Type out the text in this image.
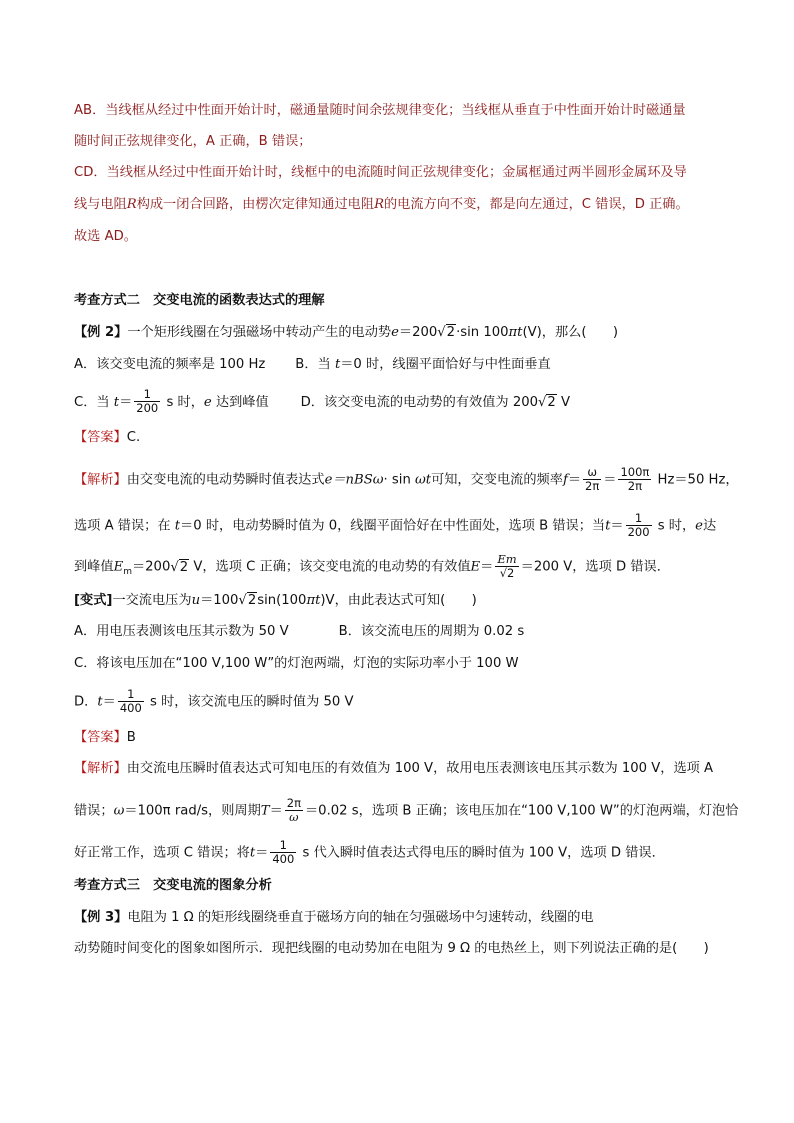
AB．当线框从经过中性面开始计时，磁通量随时间余弦规律变化；当线框从垂直于中性面开始计时磁通量
随时间正弦规律变化，A 正确，B 错误；
CD．当线框从经过中性面开始计时，线框中的电流随时间正弦规律变化；金属框通过两半圆形金属环及导
线与电阻R构成一闭合回路，由楞次定律知通过电阻R的电流方向不变，都是向左通过，C 错误，D 正确。
故选 AD。
考查方式二　交变电流的函数表达式的理解
【例 2】一个矩形线圈在匀强磁场中转动产生的电动势e＝200√2·sin 100πt(V)，那么(　　)
A．该交变电流的频率是 100 Hz B．当 t＝0 时，线圈平面恰好与中性面垂直
C．当 $t= \frac{1}{200}$ s 时，e 达到峰值 D．该交变电流的电动势的有效值为 200√2 V
【答案】C.
【解析】由交变电流的电动势瞬时值表达式e＝nBSω· sin ωt可知，交变电流的频率$f= \frac{\omega}{2\pi} = \frac{100\pi}{2\pi} Hz=50$ Hz，
选项 A 错误；在 t＝0 时，电动势瞬时值为 0，线圈平面恰好在中性面处，选项 B 错误；当$t= \frac{1}{200}$ s 时，e达
到峰值$E_m=200√2$ V，选项 C 正确；该交变电流的电动势的有效值$E= \frac{Em}{√2} =200$ V，选项 D 错误．
[变式]一交流电压为u＝100√2sin(100πt)V，由此表达式可知(　　)
A．用电压表测该电压其示数为 50 V	B．该交流电压的周期为 0.02 s
C．将该电压加在“100 V,100 W”的灯泡两端，灯泡的实际功率小于 100 W
D．$t= \frac{1}{400}$ s 时，该交流电压的瞬时值为 50 V
【答案】B
【解析】由交流电压瞬时值表达式可知电压的有效值为 100 V，故用电压表测该电压其示数为 100 V，选项 A
错误；ω＝100π rad/s，则周期$T= \frac{2\pi}{\omega} =0.02$ s，选项 B 正确；该电压加在“100 V,100 W”的灯泡两端，灯泡恰
好正常工作，选项 C 错误；将$t= \frac{1}{400}$ s 代入瞬时值表达式得电压的瞬时值为 100 V，选项 D 错误．
考查方式三　交变电流的图象分析
【例 3】电阻为 1 Ω 的矩形线圈绕垂直于磁场方向的轴在匀强磁场中匀速转动，线圈的电
动势随时间变化的图象如图所示．现把线圈的电动势加在电阻为 9 Ω 的电热丝上，则下列说法正确的是(　　)
